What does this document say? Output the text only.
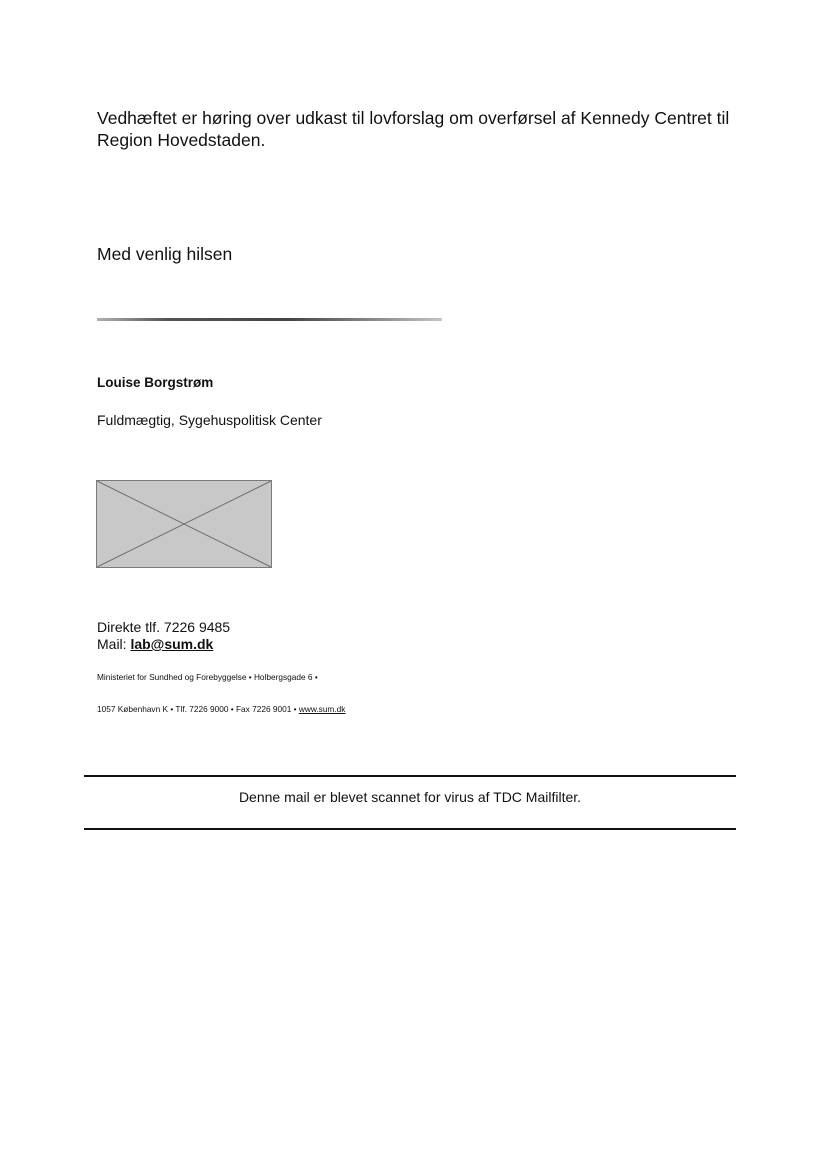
Vedhæftet er høring over udkast til lovforslag om overførsel af Kennedy Centret til
Region Hovedstaden.

Med venlig hilsen

Louise Borgstrøm

Fuldmægtig, Sygehuspolitisk Center

Direkte tlf. 7226 9485

Mail: lab@sum.dk

Ministeriet for Sundhed og Forebyggelse • Holbergsgade 6 •

1057 København K • Tlf. 7226 9000 • Fax 7226 9001 • www.sum.dk

Denne mail er blevet scannet for virus af TDC Mailfilter.
